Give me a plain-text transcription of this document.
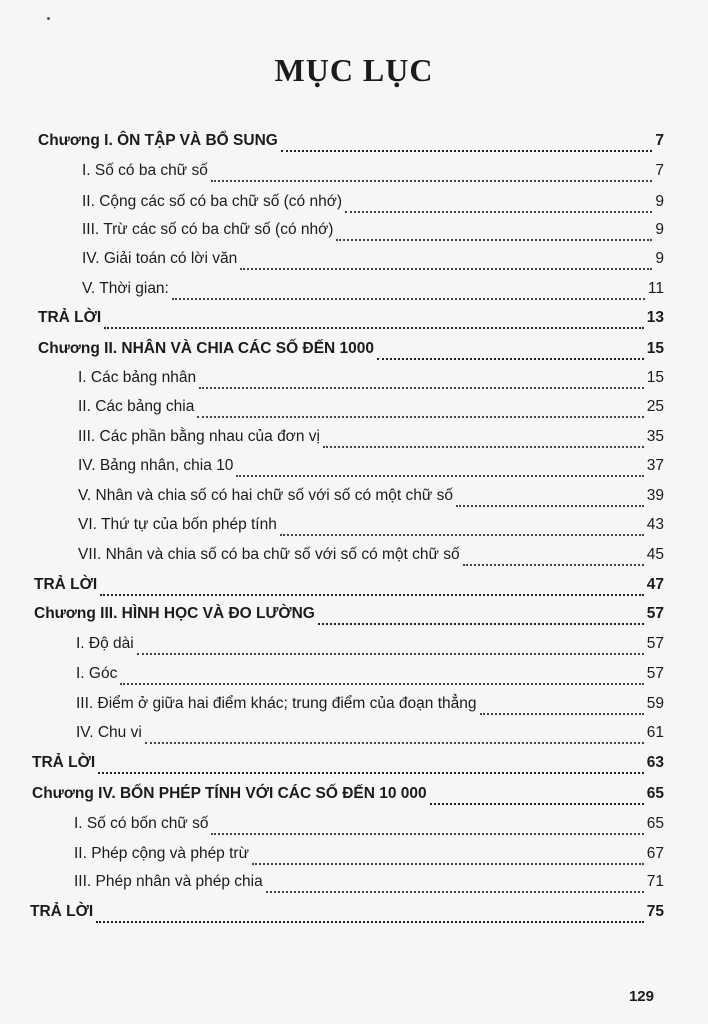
MỤC LỤC
Chương I. ÔN TẬP VÀ BỔ SUNG	7
I. Số có ba chữ số	7
II. Cộng các số có ba chữ số (có nhớ)	9
III. Trừ các số có ba chữ số (có nhớ)	9
IV. Giải toán có lời văn	9
V. Thời gian:	11
TRẢ LỜI	13
Chương II. NHÂN VÀ CHIA CÁC SỐ ĐẾN 1000	15
I. Các bảng nhân	15
II. Các bảng chia	25
III. Các phần bằng nhau của đơn vị	35
IV. Bảng nhân, chia 10	37
V. Nhân và chia số có hai chữ số với số có một chữ số	39
VI. Thứ tự của bốn phép tính	43
VII. Nhân và chia số có ba chữ số với số có một chữ số	45
TRẢ LỜI	47
Chương III. HÌNH HỌC VÀ ĐO LƯỜNG	57
I. Độ dài	57
I. Góc	57
III. Điểm ở giữa hai điểm khác; trung điểm của đoạn thẳng	59
IV. Chu vi	61
TRẢ LỜI	63
Chương IV. BỐN PHÉP TÍNH VỚI CÁC SỐ ĐẾN 10 000	65
I. Số có bốn chữ số	65
II. Phép cộng và phép trừ	67
III. Phép nhân và phép chia	71
TRẢ LỜI	75
129
